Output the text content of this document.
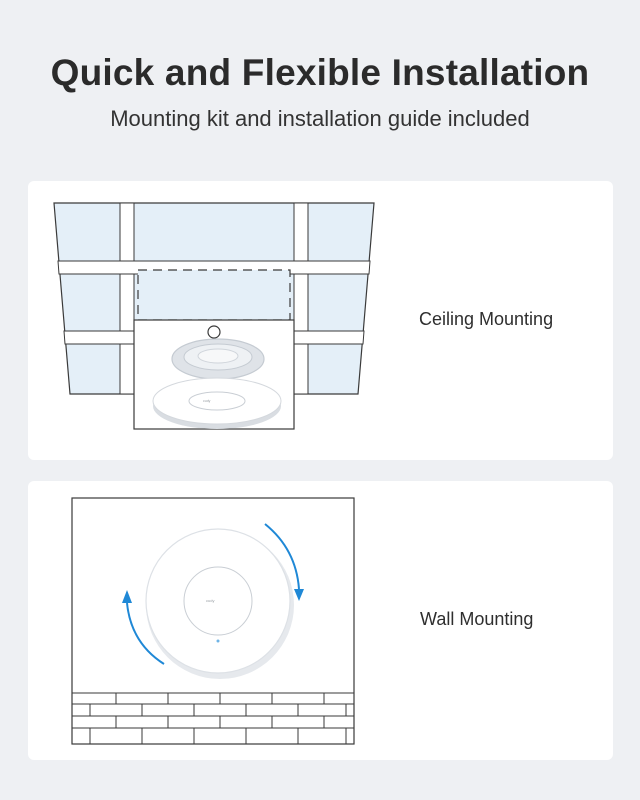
Quick and Flexible Installation

Mounting kit and installation guide included

cudy
Ceiling Mounting
cudy
Wall Mounting
